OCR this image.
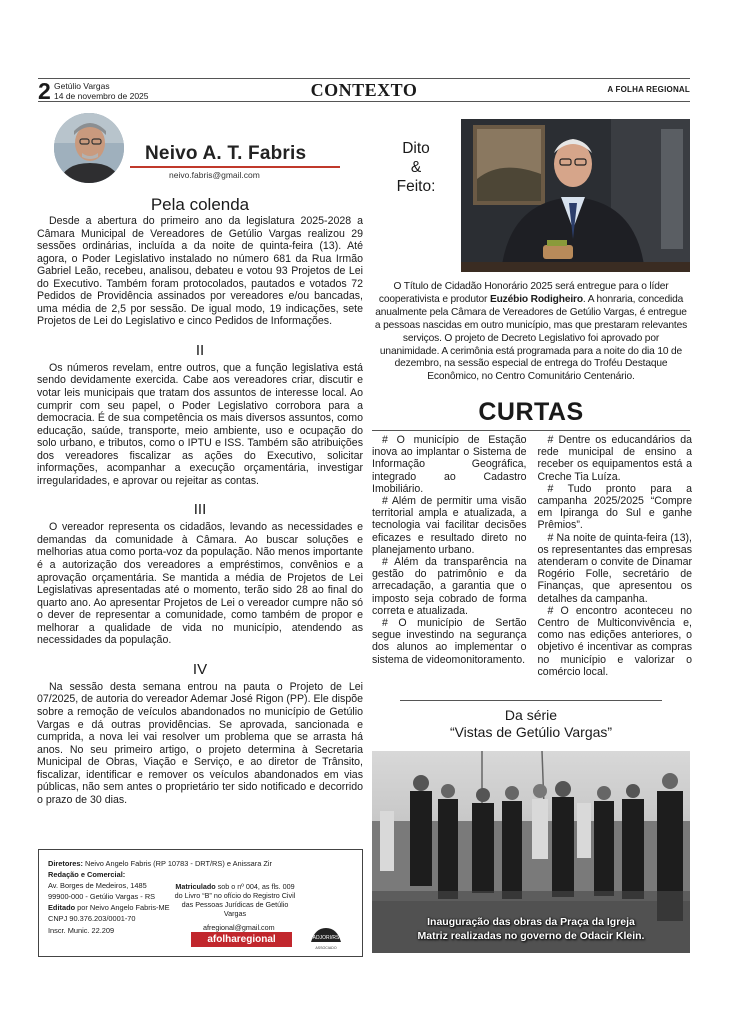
2 Getúlio Vargas
14 de novembro de 2025	CONTEXTO	A FOLHA REGIONAL
Neivo A. T. Fabris
neivo.fabris@gmail.com
Pela colenda

Desde a abertura do primeiro ano da legislatura 2025-2028 a Câmara Municipal de Vereadores de Getúlio Vargas realizou 29 sessões ordinárias, incluída a da noite de quinta-feira (13). Até agora, o Poder Legislativo instalado no número 681 da Rua Irmão Gabriel Leão, recebeu, analisou, debateu e votou 93 Projetos de Lei do Executivo. Também foram protocolados, pautados e votados 72 Pedidos de Providência assinados por vereadores e/ou bancadas, uma média de 2,5 por sessão. De igual modo, 19 indicações, sete Projetos de Lei do Legislativo e cinco Pedidos de Informações.

II

Os números revelam, entre outros, que a função legislativa está sendo devidamente exercida. Cabe aos vereadores criar, discutir e votar leis municipais que tratam dos assuntos de interesse local. Ao cumprir com seu papel, o Poder Legislativo corrobora para a democracia. É de sua competência os mais diversos assuntos, como educação, saúde, transporte, meio ambiente, uso e ocupação do solo urbano, e tributos, como o IPTU e ISS. Também são atribuições dos vereadores fiscalizar as ações do Executivo, solicitar informações, acompanhar a execução orçamentária, investigar irregularidades, e aprovar ou rejeitar as contas.

III

O vereador representa os cidadãos, levando as necessidades e demandas da comunidade à Câmara. Ao buscar soluções e melhorias atua como porta-voz da população. Não menos importante é a autorização dos vereadores a empréstimos, convênios e a aprovação orçamentária. Se mantida a média de Projetos de Lei Legislativas apresentadas até o momento, terão sido 28 ao final do quarto ano. Ao apresentar Projetos de Lei o vereador cumpre não só o dever de representar a comunidade, como também de propor e melhorar a qualidade de vida no município, atendendo as necessidades da população.

IV

Na sessão desta semana entrou na pauta o Projeto de Lei 07/2025, de autoria do vereador Ademar José Rigon (PP). Ele dispõe sobre a remoção de veículos abandonados no município de Getúlio Vargas e dá outras providências. Se aprovada, sancionada e cumprida, a nova lei vai resolver um problema que se arrasta há anos. No seu primeiro artigo, o projeto determina à Secretaria Municipal de Obras, Viação e Serviço, e ao diretor de Trânsito, fiscalizar, identificar e remover os veículos abandonados em vias públicas, não sem antes o proprietário ter sido notificado e decorrido o prazo de 30 dias.

Diretores: Neivo Angelo Fabris (RP 10783 - DRT/RS) e Anissara Zir
Redação e Comercial:
Av. Borges de Medeiros, 1485
99900-000 - Getúlio Vargas - RS
Editado por Neivo Angelo Fabris-ME
CNPJ 90.376.203/0001-70
Inscr. Munic. 22.209
Matriculado sob o nº 004, as fls. 009 do Livro “B” no ofício do Registro Civil das Pessoas Jurídicas de Getúlio Vargas
afregional@gmail.com
afolharegional	ADJORI/RS
ASSOCIADO
Dito
&
Feito:
O Título de Cidadão Honorário 2025 será entregue para o líder cooperativista e produtor Euzébio Rodigheiro. A honraria, concedida anualmente pela Câmara de Vereadores de Getúlio Vargas, é entregue a pessoas nascidas em outro município, mas que prestaram relevantes serviços. O projeto de Decreto Legislativo foi aprovado por unanimidade. A cerimônia está programada para a noite do dia 10 de dezembro, na sessão especial de entrega do Troféu Destaque Econômico, no Centro Comunitário Centenário.
CURTAS

# O município de Estação inova ao implantar o Sistema de Informação Geográfica, integrado ao Cadastro Imobiliário.

# Além de permitir uma visão territorial ampla e atualizada, a tecnologia vai facilitar decisões eficazes e resultado direto no planejamento urbano.

# Além da transparência na gestão do patrimônio e da arrecadação, a garantia que o imposto seja cobrado de forma correta e atualizada.

# O município de Sertão segue investindo na segurança dos alunos ao implementar o sistema de videomonitoramento.

# Dentre os educandários da rede municipal de ensino a receber os equipamentos está a Creche Tia Luíza.

# Tudo pronto para a campanha 2025/2025 “Compre em Ipiranga do Sul e ganhe Prêmios”.

# Na noite de quinta-feira (13), os representantes das empresas atenderam o convite de Dinamar Rogério Folle, secretário de Finanças, que apresentou os detalhes da campanha.

# O encontro aconteceu no Centro de Multiconvivência e, como nas edições anteriores, o objetivo é incentivar as compras no município e valorizar o comércio local.

Da série
“Vistas de Getúlio Vargas”
Inauguração das obras da Praça da Igreja
Matriz realizadas no governo de Odacir Klein.
